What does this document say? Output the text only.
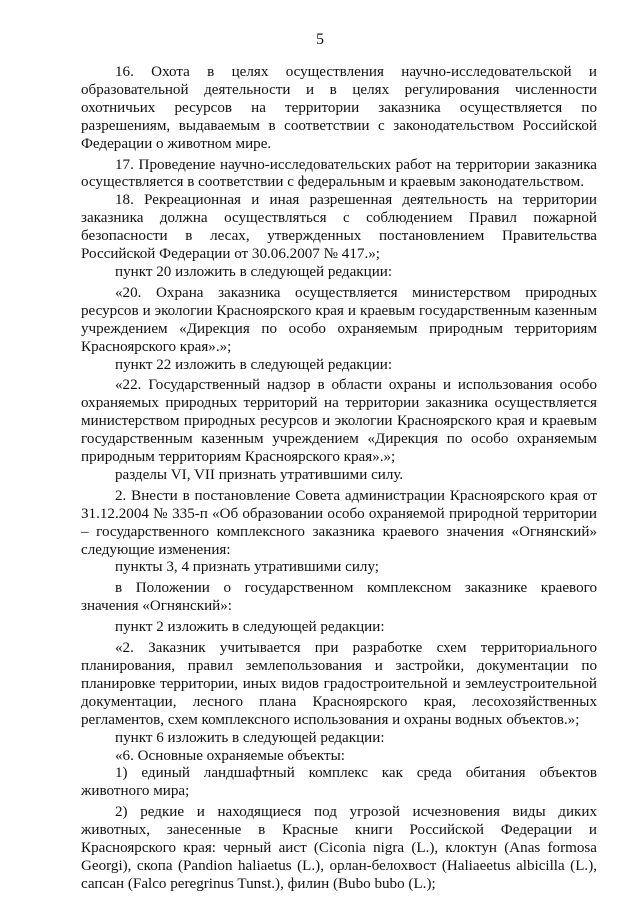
5

16. Охота в целях осуществления научно-исследовательской и образовательной деятельности и в целях регулирования численности охотничьих ресурсов на территории заказника осуществляется по разрешениям, выдаваемым в соответствии с законодательством Российской Федерации о животном мире.

17. Проведение научно-исследовательских работ на территории заказника осуществляется в соответствии с федеральным и краевым законодательством.

18. Рекреационная и иная разрешенная деятельность на территории заказника должна осуществляться с соблюдением Правил пожарной безопасности в лесах, утвержденных постановлением Правительства Российской Федерации от 30.06.2007 № 417.»;

пункт 20 изложить в следующей редакции:

«20. Охрана заказника осуществляется министерством природных ресурсов и экологии Красноярского края и краевым государственным казенным учреждением «Дирекция по особо охраняемым природным территориям Красноярского края».»;

пункт 22 изложить в следующей редакции:

«22. Государственный надзор в области охраны и использования особо охраняемых природных территорий на территории заказника осуществляется министерством природных ресурсов и экологии Красноярского края и краевым государственным казенным учреждением «Дирекция по особо охраняемым природным территориям Красноярского края».»;

разделы VI, VII признать утратившими силу.

2. Внести в постановление Совета администрации Красноярского края от 31.12.2004 № 335-п «Об образовании особо охраняемой природной территории – государственного комплексного заказника краевого значения «Огнянский» следующие изменения:

пункты 3, 4 признать утратившими силу;

в Положении о государственном комплексном заказнике краевого значения «Огнянский»:

пункт 2 изложить в следующей редакции:

«2. Заказник учитывается при разработке схем территориального планирования, правил землепользования и застройки, документации по планировке территории, иных видов градостроительной и землеустроительной документации, лесного плана Красноярского края, лесохозяйственных регламентов, схем комплексного использования и охраны водных объектов.»;

пункт 6 изложить в следующей редакции:

«6. Основные охраняемые объекты:

1) единый ландшафтный комплекс как среда обитания объектов животного мира;

2) редкие и находящиеся под угрозой исчезновения виды диких животных, занесенные в Красные книги Российской Федерации и Красноярского края: черный аист (Ciconia nigra (L.), клоктун (Anas formosa Georgi), скопа (Pandion haliaetus (L.), орлан-белохвост (Haliaeetus albicilla (L.), сапсан (Falco peregrinus Tunst.), филин (Bubo bubo (L.);
